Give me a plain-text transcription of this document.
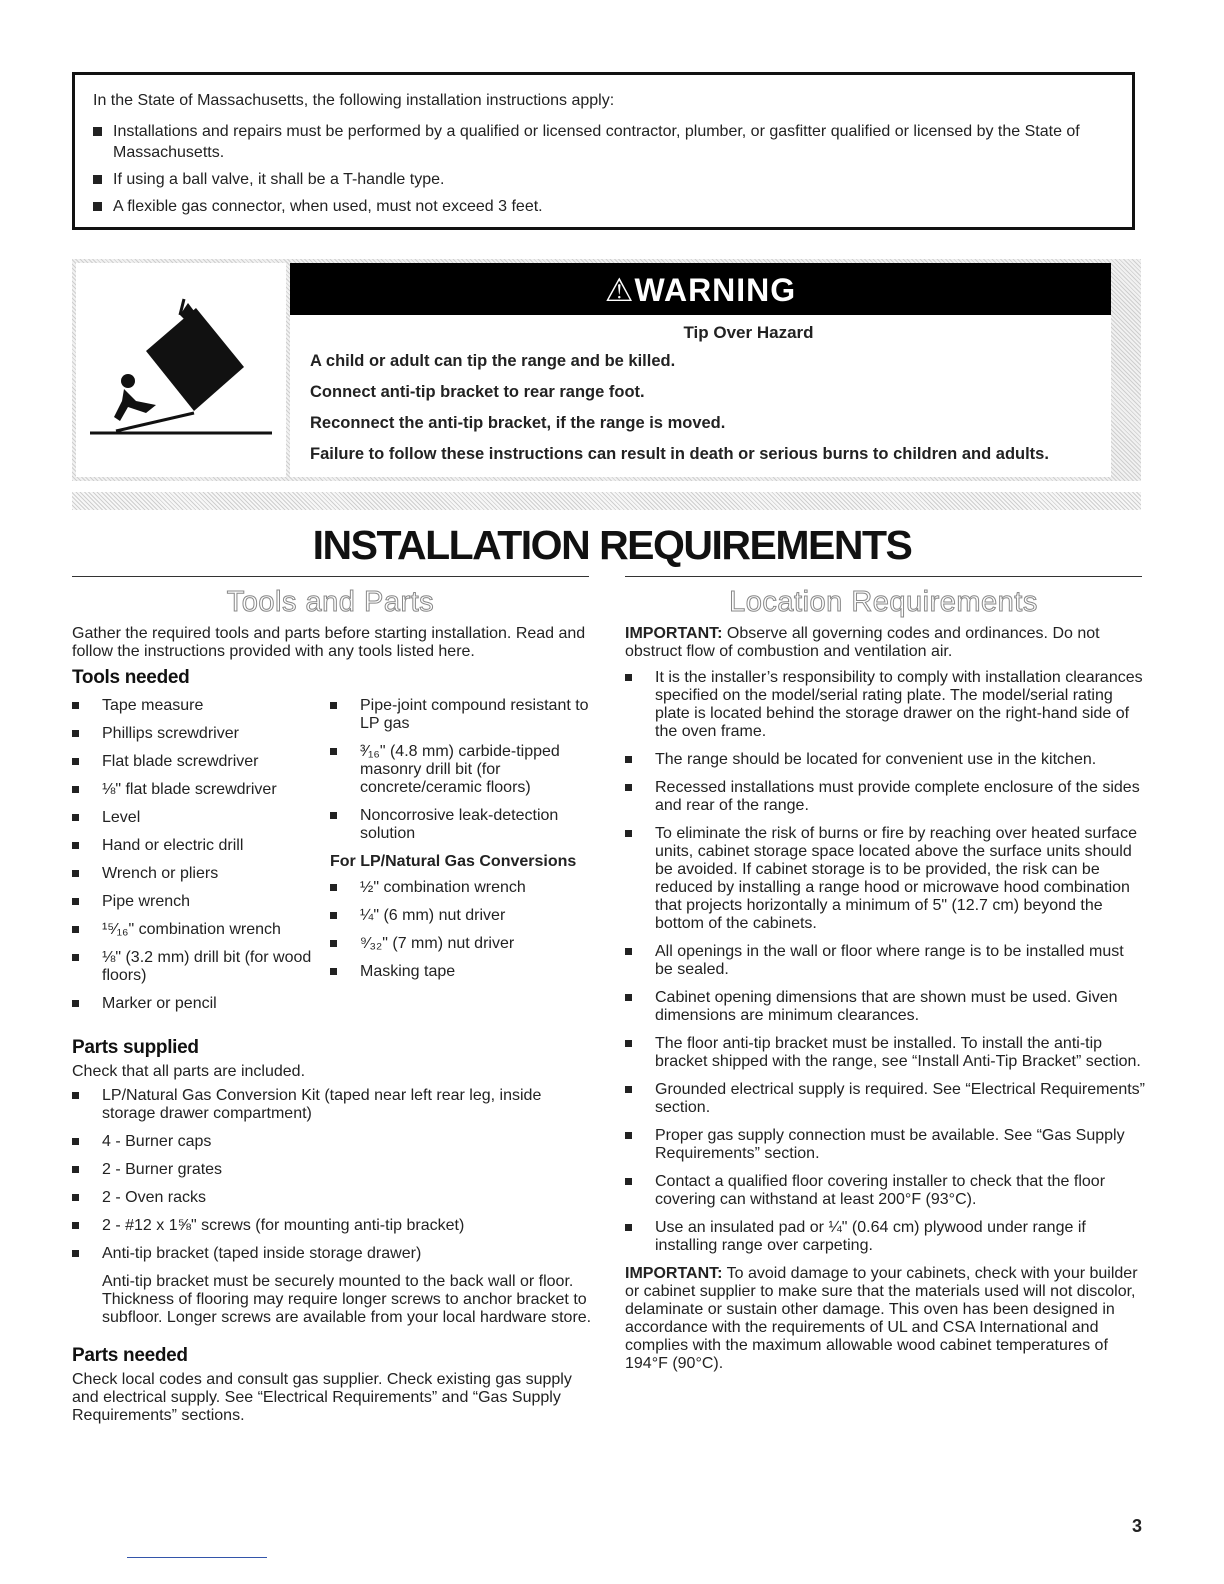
In the State of Massachusetts, the following installation instructions apply:

Installations and repairs must be performed by a qualified or licensed contractor, plumber, or gasfitter qualified or licensed by the State of Massachusetts.
If using a ball valve, it shall be a T-handle type.
A flexible gas connector, when used, must not exceed 3 feet.
⚠WARNING
Tip Over Hazard

A child or adult can tip the range and be killed.

Connect anti-tip bracket to rear range foot.

Reconnect the anti-tip bracket, if the range is moved.

Failure to follow these instructions can result in death or serious burns to children and adults.

INSTALLATION REQUIREMENTS
Tools and Parts	Location Requirements

Gather the required tools and parts before starting installation. Read and follow the instructions provided with any tools listed here.

Tools needed
Tape measure
Phillips screwdriver
Flat blade screwdriver
⅛" flat blade screwdriver
Level
Hand or electric drill
Wrench or pliers
Pipe wrench
¹⁵⁄₁₆" combination wrench
⅛" (3.2 mm) drill bit (for wood floors)
Marker or pencil
Pipe-joint compound resistant to LP gas
³⁄₁₆" (4.8 mm) carbide-tipped masonry drill bit (for concrete/ceramic floors)
Noncorrosive leak-detection solution
For LP/Natural Gas Conversions
½" combination wrench
¼" (6 mm) nut driver
⁹⁄₃₂" (7 mm) nut driver
Masking tape
Parts supplied

Check that all parts are included.

LP/Natural Gas Conversion Kit (taped near left rear leg, inside storage drawer compartment)
4 - Burner caps
2 - Burner grates
2 - Oven racks
2 - #12 x 1⅝" screws (for mounting anti-tip bracket)
Anti-tip bracket (taped inside storage drawer)

Anti-tip bracket must be securely mounted to the back wall or floor. Thickness of flooring may require longer screws to anchor bracket to subfloor. Longer screws are available from your local hardware store.

Parts needed

Check local codes and consult gas supplier. Check existing gas supply and electrical supply. See “Electrical Requirements” and “Gas Supply Requirements” sections.

IMPORTANT: Observe all governing codes and ordinances. Do not obstruct flow of combustion and ventilation air.

It is the installer’s responsibility to comply with installation clearances specified on the model/serial rating plate. The model/serial rating plate is located behind the storage drawer on the right-hand side of the oven frame.
The range should be located for convenient use in the kitchen.
Recessed installations must provide complete enclosure of the sides and rear of the range.
To eliminate the risk of burns or fire by reaching over heated surface units, cabinet storage space located above the surface units should be avoided. If cabinet storage is to be provided, the risk can be reduced by installing a range hood or microwave hood combination that projects horizontally a minimum of 5" (12.7 cm) beyond the bottom of the cabinets.
All openings in the wall or floor where range is to be installed must be sealed.
Cabinet opening dimensions that are shown must be used. Given dimensions are minimum clearances.
The floor anti-tip bracket must be installed. To install the anti-tip bracket shipped with the range, see “Install Anti-Tip Bracket” section.
Grounded electrical supply is required. See “Electrical Requirements” section.
Proper gas supply connection must be available. See “Gas Supply Requirements” section.
Contact a qualified floor covering installer to check that the floor covering can withstand at least 200°F (93°C).
Use an insulated pad or ¼" (0.64 cm) plywood under range if installing range over carpeting.

IMPORTANT: To avoid damage to your cabinets, check with your builder or cabinet supplier to make sure that the materials used will not discolor, delaminate or sustain other damage. This oven has been designed in accordance with the requirements of UL and CSA International and complies with the maximum allowable wood cabinet temperatures of 194°F (90°C).

3
